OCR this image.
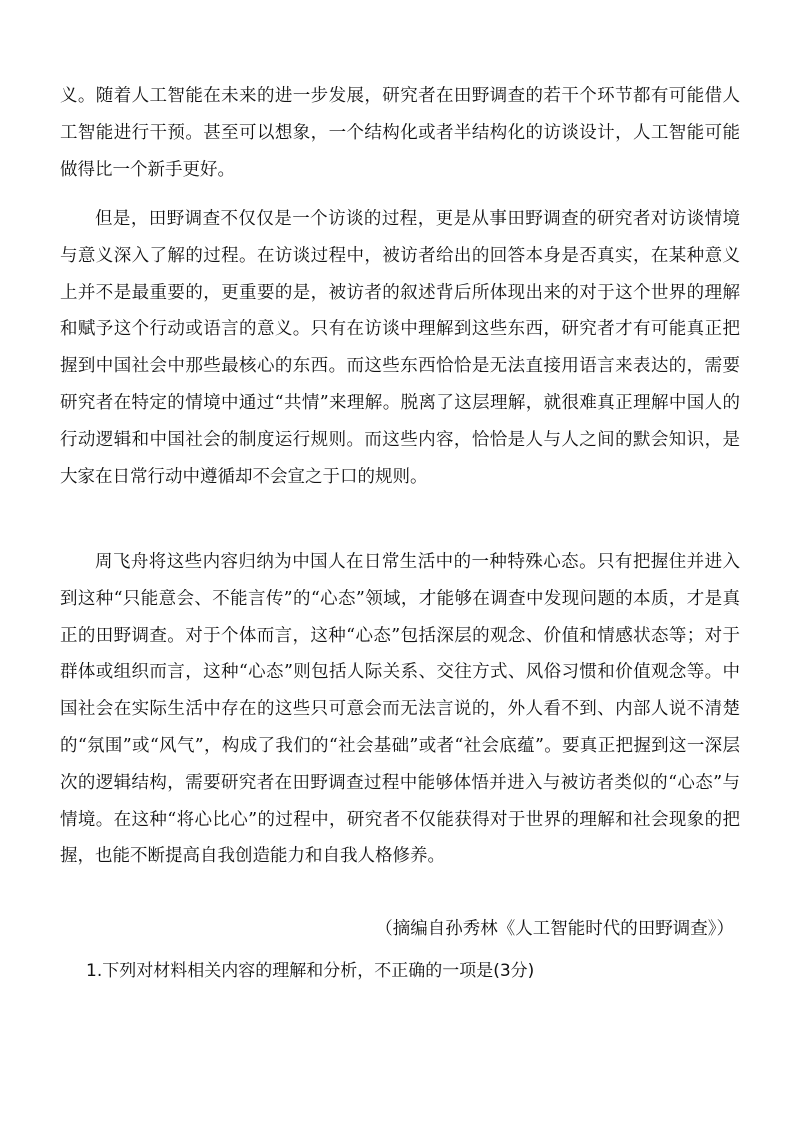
义。随着人工智能在未来的进一步发展，研究者在田野调查的若干个环节都有可能借人工智能进行干预。甚至可以想象，一个结构化或者半结构化的访谈设计，人工智能可能做得比一个新手更好。

但是，田野调查不仅仅是一个访谈的过程，更是从事田野调查的研究者对访谈情境与意义深入了解的过程。在访谈过程中，被访者给出的回答本身是否真实，在某种意义上并不是最重要的，更重要的是，被访者的叙述背后所体现出来的对于这个世界的理解和赋予这个行动或语言的意义。只有在访谈中理解到这些东西，研究者才有可能真正把握到中国社会中那些最核心的东西。而这些东西恰恰是无法直接用语言来表达的，需要研究者在特定的情境中通过“共情”来理解。脱离了这层理解，就很难真正理解中国人的行动逻辑和中国社会的制度运行规则。而这些内容，恰恰是人与人之间的默会知识，是大家在日常行动中遵循却不会宣之于口的规则。

周飞舟将这些内容归纳为中国人在日常生活中的一种特殊心态。只有把握住并进入到这种“只能意会、不能言传”的“心态”领域，才能够在调查中发现问题的本质，才是真正的田野调查。对于个体而言，这种“心态”包括深层的观念、价值和情感状态等；对于群体或组织而言，这种“心态”则包括人际关系、交往方式、风俗习惯和价值观念等。中国社会在实际生活中存在的这些只可意会而无法言说的，外人看不到、内部人说不清楚的“氛围”或“风气”，构成了我们的“社会基础”或者“社会底蕴”。要真正把握到这一深层次的逻辑结构，需要研究者在田野调查过程中能够体悟并进入与被访者类似的“心态”与情境。在这种“将心比心”的过程中，研究者不仅能获得对于世界的理解和社会现象的把握，也能不断提高自我创造能力和自我人格修养。

（摘编自孙秀林《人工智能时代的田野调查》）
1.下列对材料相关内容的理解和分析，不正确的一项是(3分)
